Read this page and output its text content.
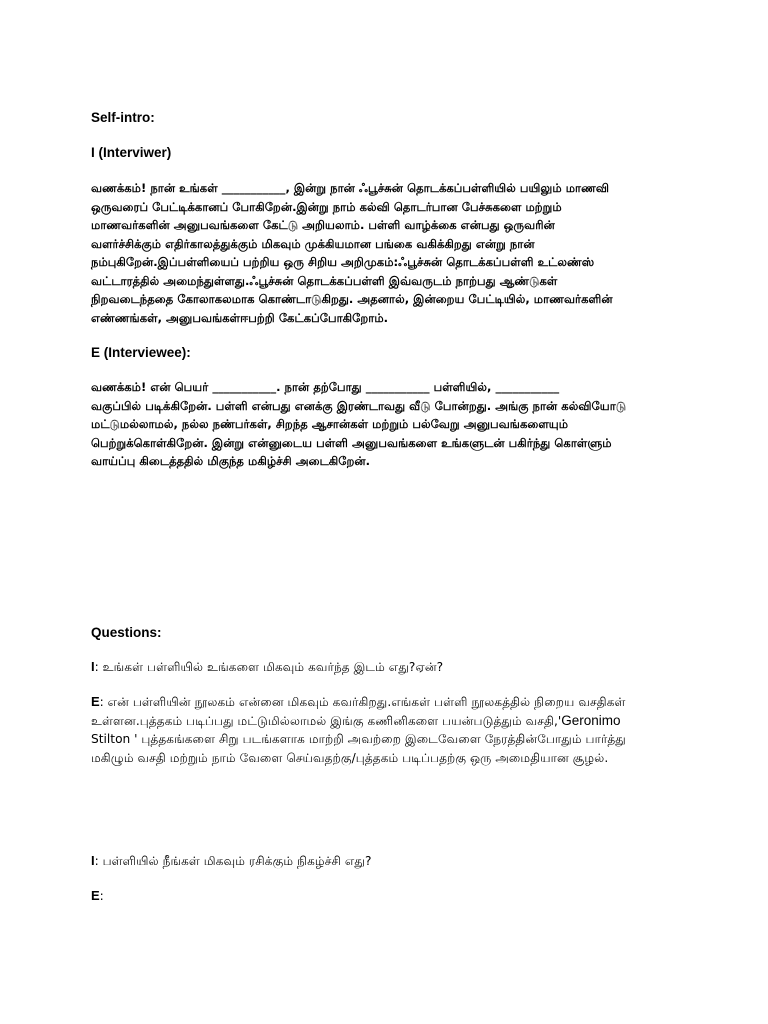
Self-intro:
I (Interviwer)

வணக்கம்! நான் உங்கள் ___________, இன்று நான் ஃபூச்சுன் தொடக்கப்பள்ளியில் பயிலும் மாணவி
ஒருவரைப் பேட்டிக்கானப் போகிறேன்.இன்று நாம் கல்வி தொடர்பான பேச்சுகளை மற்றும்
மாணவர்களின் அனுபவங்களை கேட்டு அறியலாம். பள்ளி வாழ்க்கை என்பது ஒருவரின்
வளர்ச்சிக்கும் எதிர்காலத்துக்கும் மிகவும் முக்கியமான பங்கை வகிக்கிறது என்று நான்
நம்புகிறேன்.இப்பள்ளியைப் பற்றிய ஒரு சிறிய அறிமுகம்:ஃபூச்சுன் தொடக்கப்பள்ளி உட்லண்ஸ்
வட்டாரத்தில் அமைந்துள்ளது.ஃபூச்சுன் தொடக்கப்பள்ளி இவ்வருடம் நாற்பது ஆண்டுகள்
நிறவடைந்ததை கோலாகலமாக கொண்டாடுகிறது. அதனால், இன்றைய பேட்டியில், மாணவர்களின்
எண்ணங்கள், அனுபவங்கள்ஈபற்றி கேட்கப்போகிறோம்.

E (Interviewee):

வணக்கம்! என் பெயர் ___________. நான் தற்போது ___________ பள்ளியில், ___________
வகுப்பில் படிக்கிறேன். பள்ளி என்பது எனக்கு இரண்டாவது வீடு போன்றது. அங்கு நான் கல்வியோடு
மட்டுமல்லாமல், நல்ல நண்பர்கள், சிறந்த ஆசான்கள் மற்றும் பல்வேறு அனுபவங்களையும்
பெற்றுக்கொள்கிறேன். இன்று என்னுடைய பள்ளி அனுபவங்களை உங்களுடன் பகிர்ந்து கொள்ளும்
வாய்ப்பு கிடைத்ததில் மிகுந்த மகிழ்ச்சி அடைகிறேன்.

Questions:

I: உங்கள் பள்ளியில் உங்களை மிகவும் கவர்ந்த இடம் எது?ஏன்?

E: என் பள்ளியின் நூலகம் என்னை மிகவும் கவர்கிறது.எங்கள் பள்ளி நூலகத்தில் நிறைய வசதிகள்
உள்ளன.புத்தகம் படிப்பது மட்டுமில்லாமல் இங்கு கணினிகளை பயன்படுத்தும் வசதி,'Geronimo
Stilton ' புத்தகங்களை சிறு படங்களாக மாற்றி அவற்றை இடைவேளை நேரத்தின்போதும் பார்த்து
மகிழும் வசதி மற்றும் நாம் வேளை செய்வதற்கு/புத்தகம் படிப்பதற்கு ஒரு அமைதியான சூழல்.

I: பள்ளியில் நீங்கள் மிகவும் ரசிக்கும் நிகழ்ச்சி எது?

E:
